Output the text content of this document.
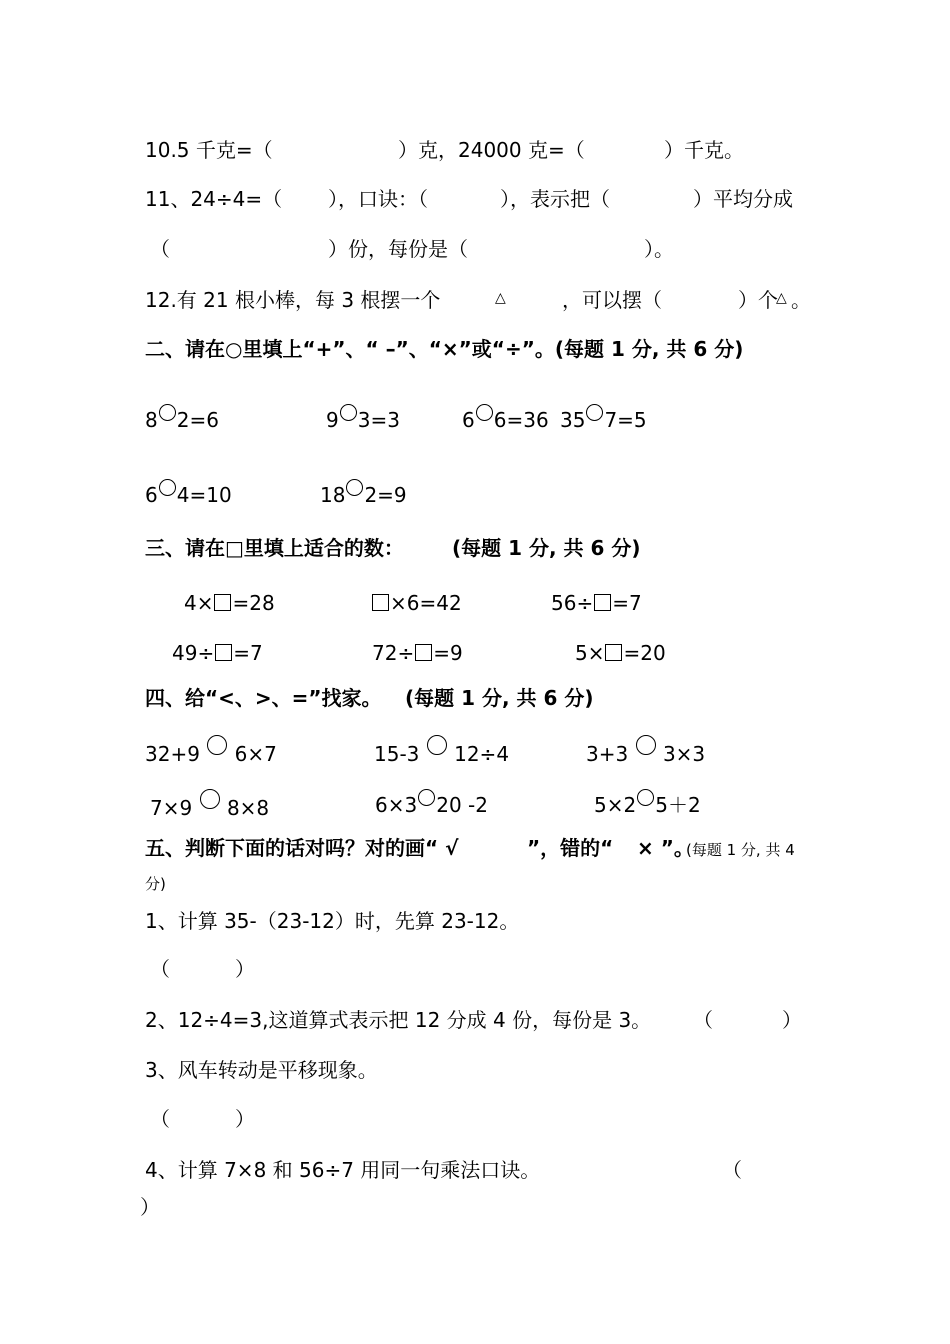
10.5 千克=（	）克，24000 克=（	）千克。
11、24÷4=（ ），口诀：（	），表示把（	）平均分成
（	）份，每份是（	）。
12.有 21 根小棒，每 3 根摆一个	△	，可以摆（	）个
△ 。
二、请在○里填上“+”、“ –”、“×”或“÷”。(每题 1 分, 共 6 分)
8 2=6	9 3=3	6 6=36 35 7=5
6 4=10	18 2=9
三、请在□里填上适合的数： (每题 1 分, 共 6 分)
4× =28	×6=42	56÷ =7
49÷ =7	72÷ =9	5× =20
四、给“<、>、=”找家。 (每题 1 分, 共 6 分)
32+9 6×7	15-3 12÷4	3+3 3×3
7×9 8×8	6×3 20 -2	5×2 5＋2
五、判断下面的话对吗？对的画“ √	”，错的“ × ”。
(每题 1 分, 共 4
分)
1、计算 35-（23-12）时，先算 23-12。
（	）
2、12÷4=3,这道算式表示把 12 分成 4 份，每份是 3。 （	）
3、风车转动是平移现象。
（	）
4、计算 7×8 和 56÷7 用同一句乘法口诀。	（
）
